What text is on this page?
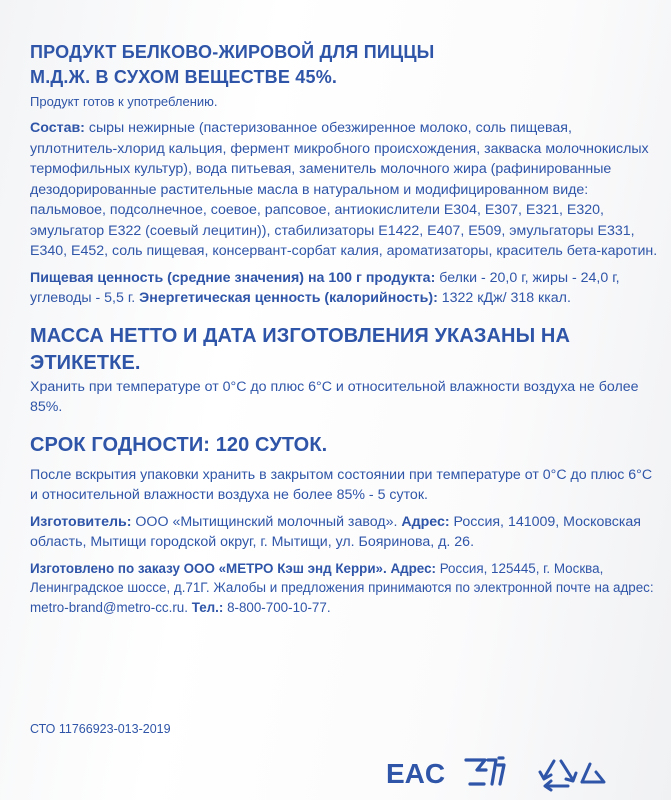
ПРОДУКТ БЕЛКОВО-ЖИРОВОЙ ДЛЯ ПИЦЦЫ

М.Д.Ж. В СУХОМ ВЕЩЕСТВЕ 45%.

Продукт готов к употреблению.

Состав: сыры нежирные (пастеризованное обезжиренное молоко, соль пищевая, уплотнитель-хлорид кальция, фермент микробного происхождения, закваска молочнокислых термофильных культур), вода питьевая, заменитель молочного жира (рафинированные дезодорированные растительные масла в натуральном и модифицированном виде: пальмовое, подсолнечное, соевое, рапсовое, антиокислители Е304, Е307, Е321, Е320, эмульгатор Е322 (соевый лецитин)), стабилизаторы Е1422, Е407, Е509, эмульгаторы Е331, Е340, Е452, соль пищевая, консервант-сорбат калия, ароматизаторы, краситель бета-каротин.

Пищевая ценность (средние значения) на 100 г продукта: белки - 20,0 г, жиры - 24,0 г, углеводы - 5,5 г. Энергетическая ценность (калорийность): 1322 кДж/ 318 ккал.

МАССА НЕТТО И ДАТА ИЗГОТОВЛЕНИЯ УКАЗАНЫ НА ЭТИКЕТКЕ.

Хранить при температуре от 0°С до плюс 6°С и относительной влажности воздуха не более 85%.

СРОК ГОДНОСТИ: 120 СУТОК.

После вскрытия упаковки хранить в закрытом состоянии при температуре от 0°С до плюс 6°С и относительной влажности воздуха не более 85% - 5 суток.

Изготовитель: ООО «Мытищинский молочный завод». Адрес: Россия, 141009, Московская область, Мытищи городской округ, г. Мытищи, ул. Бояринова, д. 26.

Изготовлено по заказу ООО «МЕТРО Кэш энд Керри». Адрес: Россия, 125445, г. Москва, Ленинградское шоссе, д.71Г. Жалобы и предложения принимаются по электронной почте на адрес: metro-brand@metro-cc.ru. Тел.: 8-800-700-10-77.

СТО 11766923-013-2019
EAC
